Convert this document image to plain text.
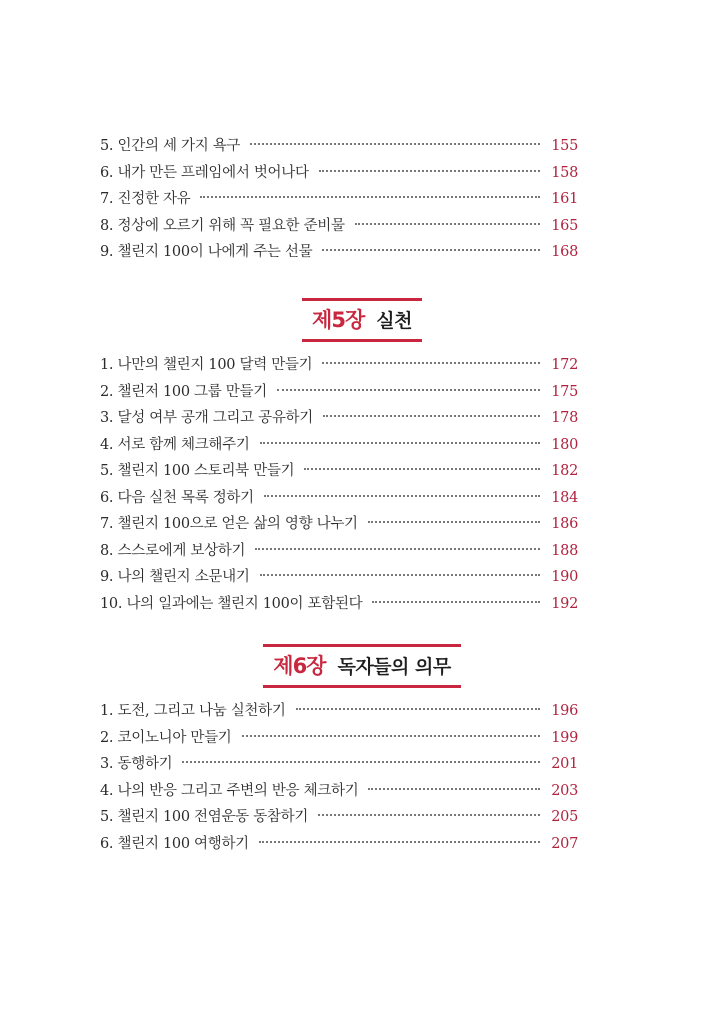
5. 인간의 세 가지 욕구	155
6. 내가 만든 프레임에서 벗어나다	158
7. 진정한 자유	161
8. 정상에 오르기 위해 꼭 필요한 준비물	165
9. 챌린지 100이 나에게 주는 선물	168
제5장 실천
1. 나만의 챌린지 100 달력 만들기	172
2. 챌린저 100 그룹 만들기	175
3. 달성 여부 공개 그리고 공유하기	178
4. 서로 함께 체크해주기	180
5. 챌린지 100 스토리북 만들기	182
6. 다음 실천 목록 정하기	184
7. 챌린지 100으로 얻은 삶의 영향 나누기	186
8. 스스로에게 보상하기	188
9. 나의 챌린지 소문내기	190
10. 나의 일과에는 챌린지 100이 포함된다	192
제6장 독자들의 의무
1. 도전, 그리고 나눔 실천하기	196
2. 코이노니아 만들기	199
3. 동행하기	201
4. 나의 반응 그리고 주변의 반응 체크하기	203
5. 챌린지 100 전염운동 동참하기	205
6. 챌린지 100 여행하기	207
